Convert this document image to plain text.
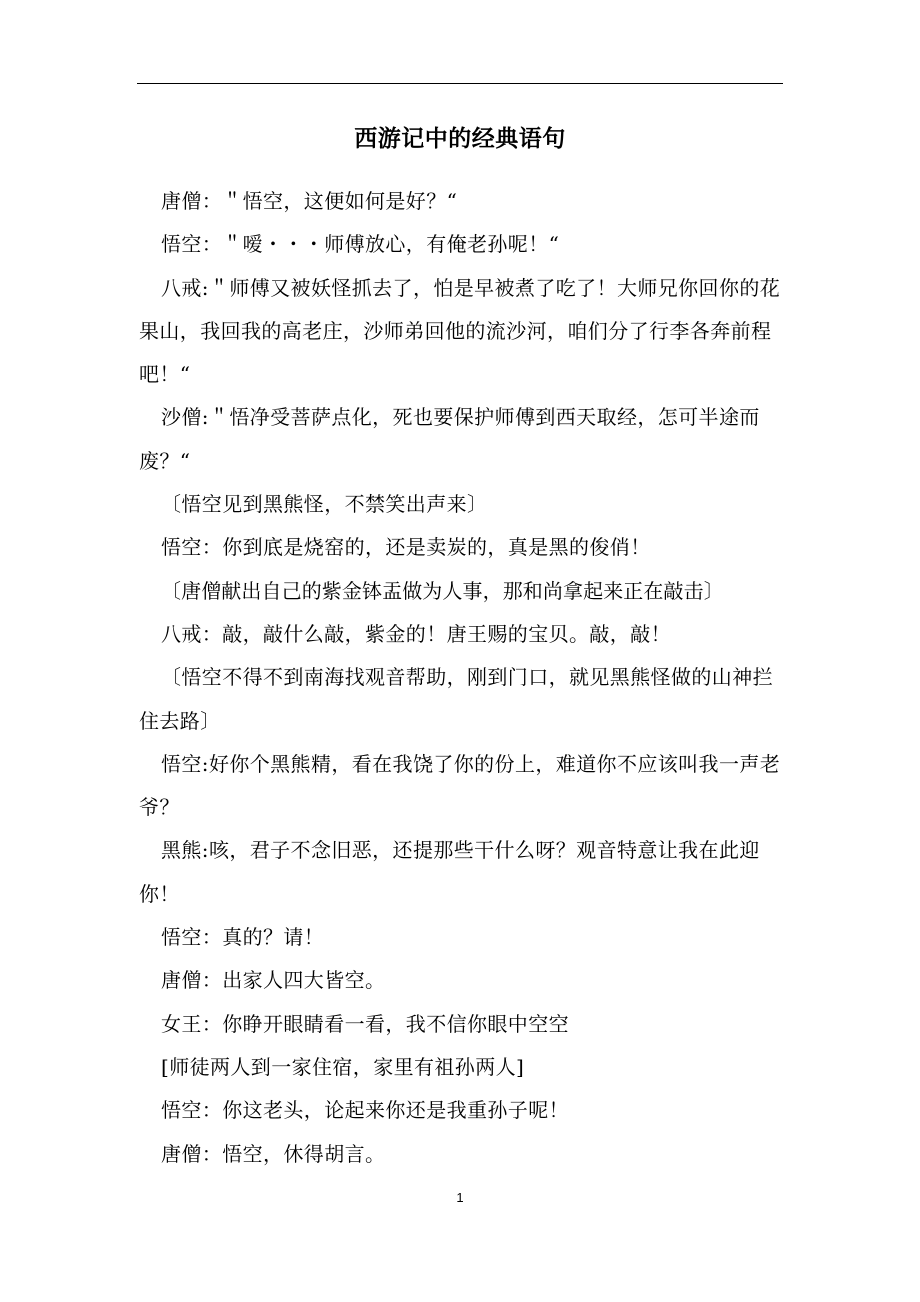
西游记中的经典语句

唐僧：＂悟空，这便如何是好？“

悟空：＂嗳・・・师傅放心，有俺老孙呢！“

八戒:＂师傅又被妖怪抓去了，怕是早被煮了吃了！大师兄你回你的花果山，我回我的高老庄，沙师弟回他的流沙河，咱们分了行李各奔前程吧！“

沙僧:＂悟净受菩萨点化，死也要保护师傅到西天取经，怎可半途而废？“

〔悟空见到黑熊怪，不禁笑出声来〕

悟空：你到底是烧窑的，还是卖炭的，真是黑的俊俏！

〔唐僧献出自己的紫金钵盂做为人事，那和尚拿起来正在敲击〕

八戒：敲，敲什么敲，紫金的！唐王赐的宝贝。敲，敲！

〔悟空不得不到南海找观音帮助，刚到门口，就见黑熊怪做的山神拦住去路〕

悟空:好你个黑熊精，看在我饶了你的份上，难道你不应该叫我一声老爷？

黑熊:咳，君子不念旧恶，还提那些干什么呀？观音特意让我在此迎你！

悟空：真的？请！

唐僧：出家人四大皆空。

女王：你睁开眼睛看一看，我不信你眼中空空

[师徒两人到一家住宿，家里有祖孙两人]

悟空：你这老头，论起来你还是我重孙子呢！

唐僧：悟空，休得胡言。

1
